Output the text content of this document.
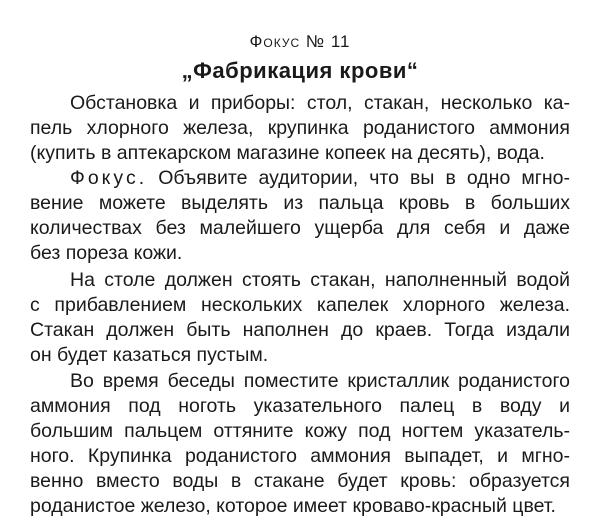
Фокус № 11
„Фабрикация крови“
Обстановка и приборы: стол, стакан, несколько ка-
пель хлорного железа, крупинка роданистого аммония
(купить в аптекарском магазине копеек на десять), вода.
Фокус. Объявите аудитории, что вы в одно мгно-
вение можете выделять из пальца кровь в больших
количествах без малейшего ущерба для себя и даже
без пореза кожи.
На столе должен стоять стакан, наполненный водой
с прибавлением нескольких капелек хлорного железа.
Стакан должен быть наполнен до краев. Тогда издали
он будет казаться пустым.
Во время беседы поместите кристаллик роданистого
аммония под ноготь указательного палец в воду и
большим пальцем оттяните кожу под ногтем указатель-
ного. Крупинка роданистого аммония выпадет, и мгно-
венно вместо воды в стакане будет кровь: образуется
роданистое железо, которое имеет кроваво-красный цвет.
